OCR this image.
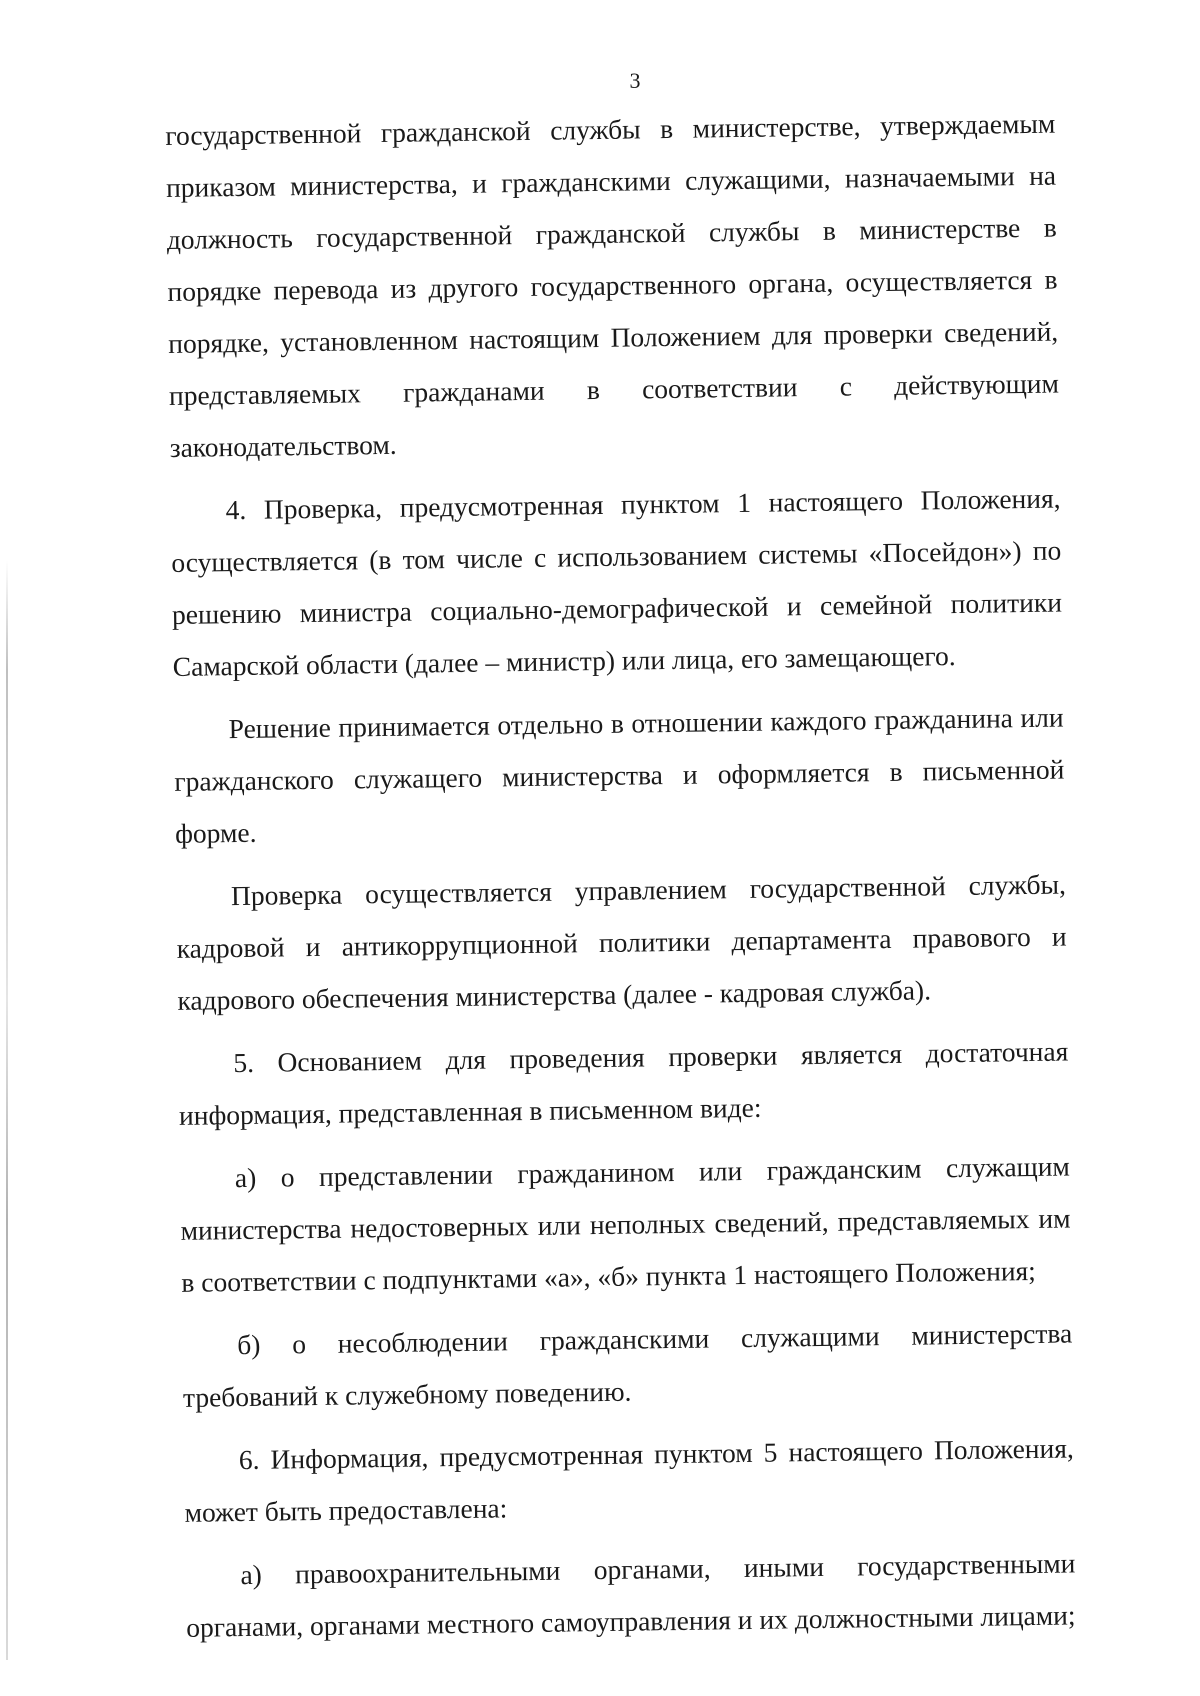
3

государственной гражданской службы в министерстве, утверждаемым приказом министерства, и гражданскими служащими, назначаемыми на должность государственной гражданской службы в министерстве в порядке перевода из другого государственного органа, осуществляется в порядке, установленном настоящим Положением для проверки сведений, представляемых гражданами в соответствии с действующим законодательством.

4. Проверка, предусмотренная пунктом 1 настоящего Положения, осуществляется (в том числе с использованием системы «Посейдон») по решению министра социально-демографической и семейной политики Самарской области (далее – министр) или лица, его замещающего.

Решение принимается отдельно в отношении каждого гражданина или гражданского служащего министерства и оформляется в письменной форме.

Проверка осуществляется управлением государственной службы, кадровой и антикоррупционной политики департамента правового и кадрового обеспечения министерства (далее - кадровая служба).

5. Основанием для проведения проверки является достаточная информация, представленная в письменном виде:

а) о представлении гражданином или гражданским служащим министерства недостоверных или неполных сведений, представляемых им в соответствии с подпунктами «а», «б» пункта 1 настоящего Положения;

б) о несоблюдении гражданскими служащими министерства требований к служебному поведению.

6. Информация, предусмотренная пунктом 5 настоящего Положения, может быть предоставлена:

а) правоохранительными органами, иными государственными органами, органами местного самоуправления и их должностными лицами;
